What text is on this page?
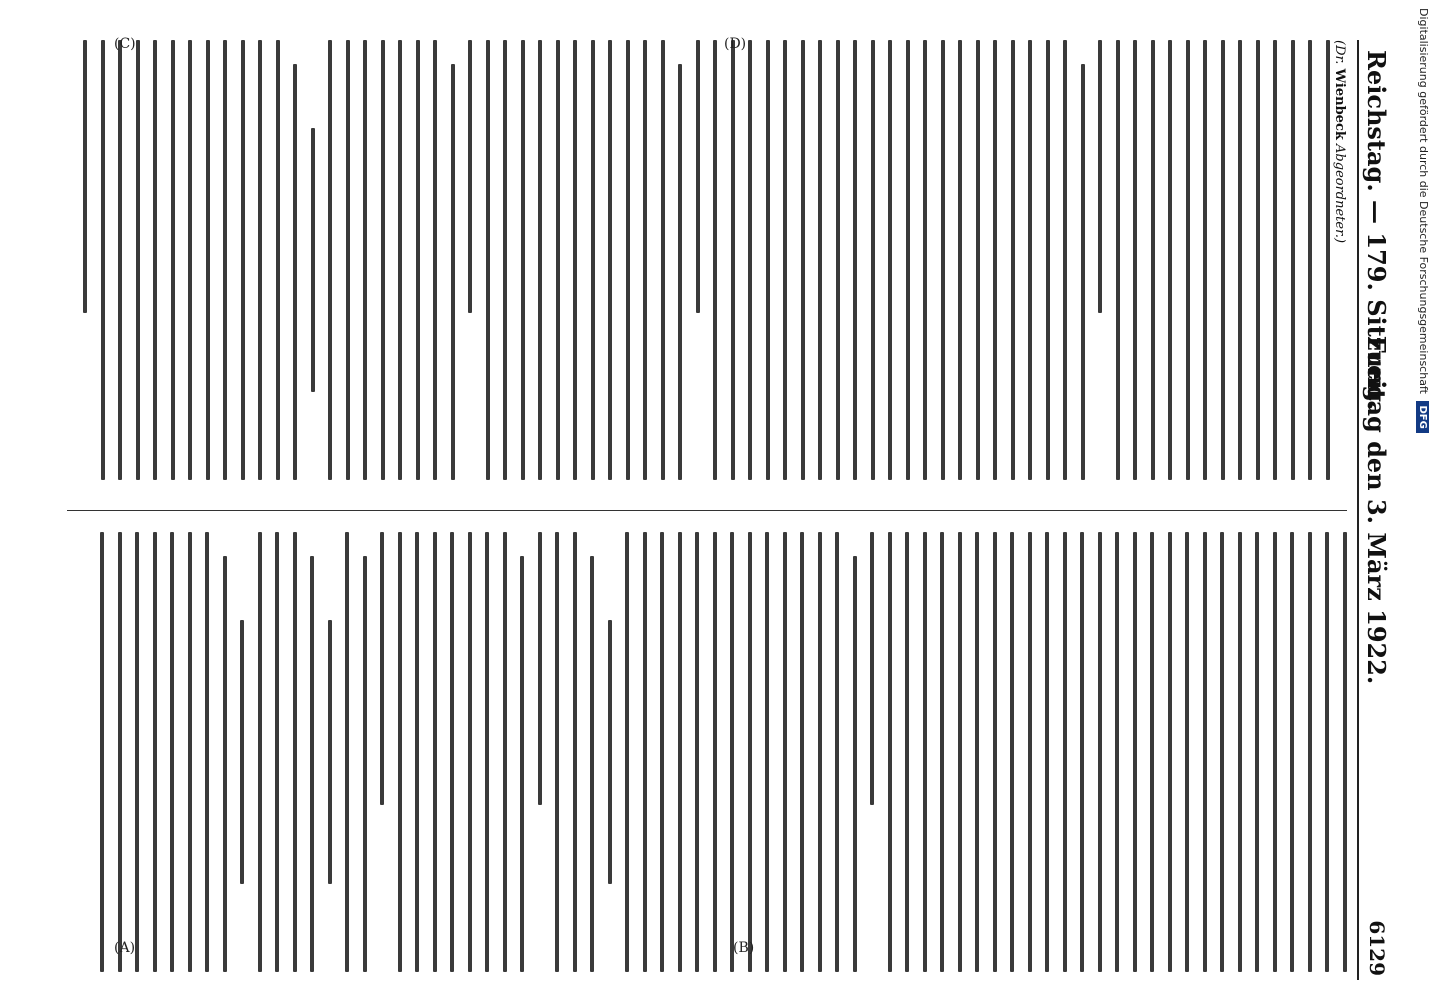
Reichstag. — 179. Sitzung.
Freitag den 3. März 1922.
6129
(Dr. Wienbeck Abgeordneter.)
(A)	(B)
(C)	(D)	Digitalisierung gefördert durch die Deutsche Forschungsgemeinschaft DFG
